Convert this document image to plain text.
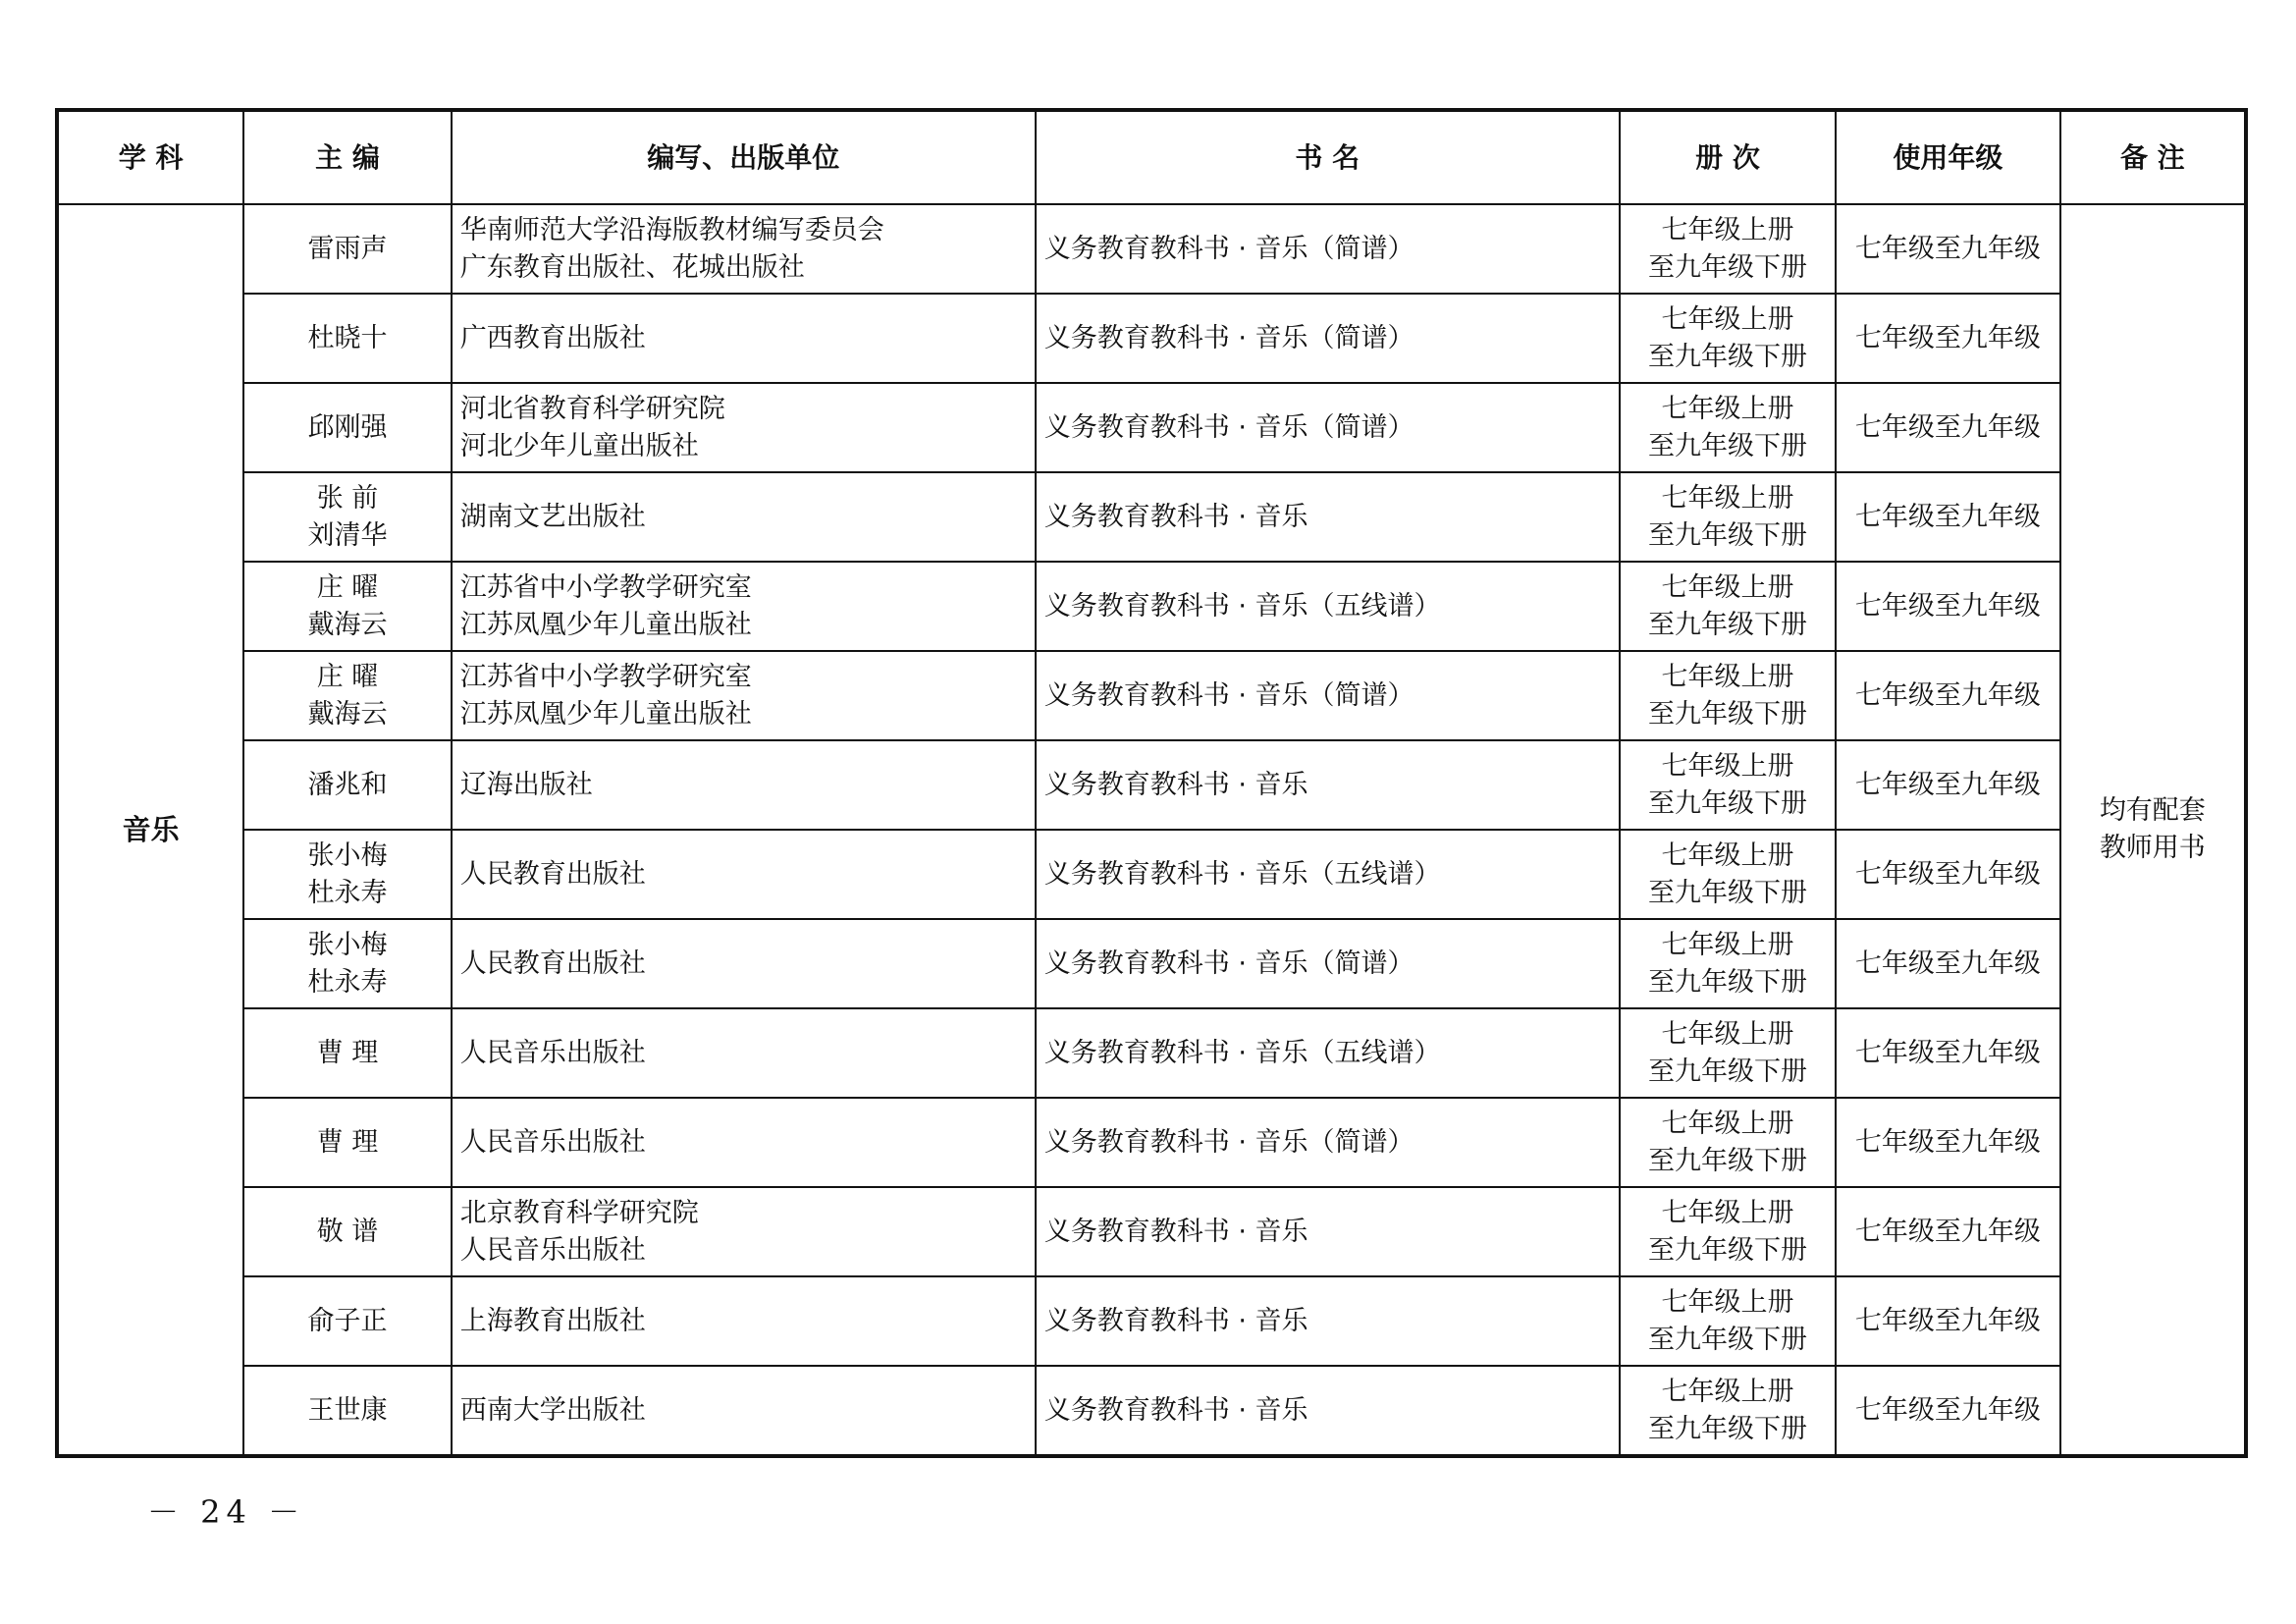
学 科	主 编	编写、出版单位	书 名	册 次	使用年级	备 注
音乐	雷雨声	华南师范大学沿海版教材编写委员会
广东教育出版社、花城出版社	义务教育教科书 · 音乐（简谱）	七年级上册
至九年级下册	七年级至九年级	均有配套
教师用书

	杜晓十	广西教育出版社	义务教育教科书 · 音乐（简谱）	七年级上册
至九年级下册	七年级至九年级	

	邱刚强	河北省教育科学研究院
河北少年儿童出版社	义务教育教科书 · 音乐（简谱）	七年级上册
至九年级下册	七年级至九年级	

	张 前
刘清华	湖南文艺出版社	义务教育教科书 · 音乐	七年级上册
至九年级下册	七年级至九年级	

	庄 曜
戴海云	江苏省中小学教学研究室
江苏凤凰少年儿童出版社	义务教育教科书 · 音乐（五线谱）	七年级上册
至九年级下册	七年级至九年级	

	庄 曜
戴海云	江苏省中小学教学研究室
江苏凤凰少年儿童出版社	义务教育教科书 · 音乐（简谱）	七年级上册
至九年级下册	七年级至九年级	

	潘兆和	辽海出版社	义务教育教科书 · 音乐	七年级上册
至九年级下册	七年级至九年级	

	张小梅
杜永寿	人民教育出版社	义务教育教科书 · 音乐（五线谱）	七年级上册
至九年级下册	七年级至九年级	

	张小梅
杜永寿	人民教育出版社	义务教育教科书 · 音乐（简谱）	七年级上册
至九年级下册	七年级至九年级	

	曹 理	人民音乐出版社	义务教育教科书 · 音乐（五线谱）	七年级上册
至九年级下册	七年级至九年级	

	曹 理	人民音乐出版社	义务教育教科书 · 音乐（简谱）	七年级上册
至九年级下册	七年级至九年级	

	敬 谱	北京教育科学研究院
人民音乐出版社	义务教育教科书 · 音乐	七年级上册
至九年级下册	七年级至九年级	

	俞子正	上海教育出版社	义务教育教科书 · 音乐	七年级上册
至九年级下册	七年级至九年级	

	王世康	西南大学出版社	义务教育教科书 · 音乐	七年级上册
至九年级下册	七年级至九年级	
－ 24 －
